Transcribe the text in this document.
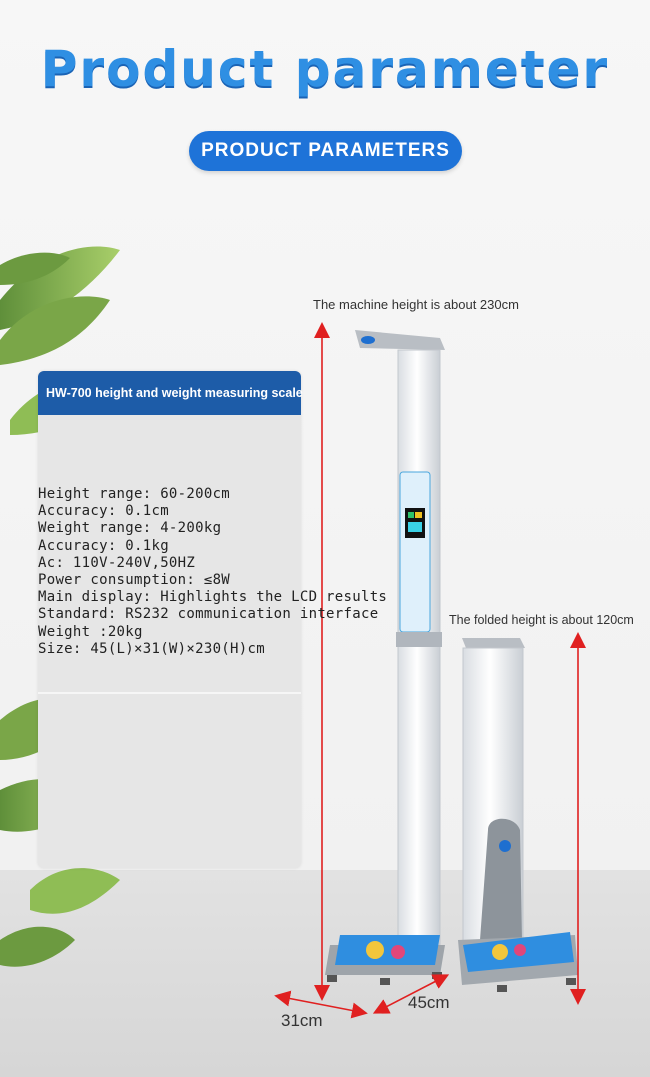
Product parameter
PRODUCT PARAMETERS
HW-700 height and weight measuring scale
Height range: 60-200cm
Accuracy: 0.1cm
Weight range: 4-200kg
Accuracy: 0.1kg
Ac: 110V-240V,50HZ
Power consumption: ≤8W
Main display: Highlights the LCD results
Standard: RS232 communication interface
Weight :20kg
Size: 45(L)×31(W)×230(H)cm
The machine height is about 230cm
The folded height is about 120cm
31cm
45cm
